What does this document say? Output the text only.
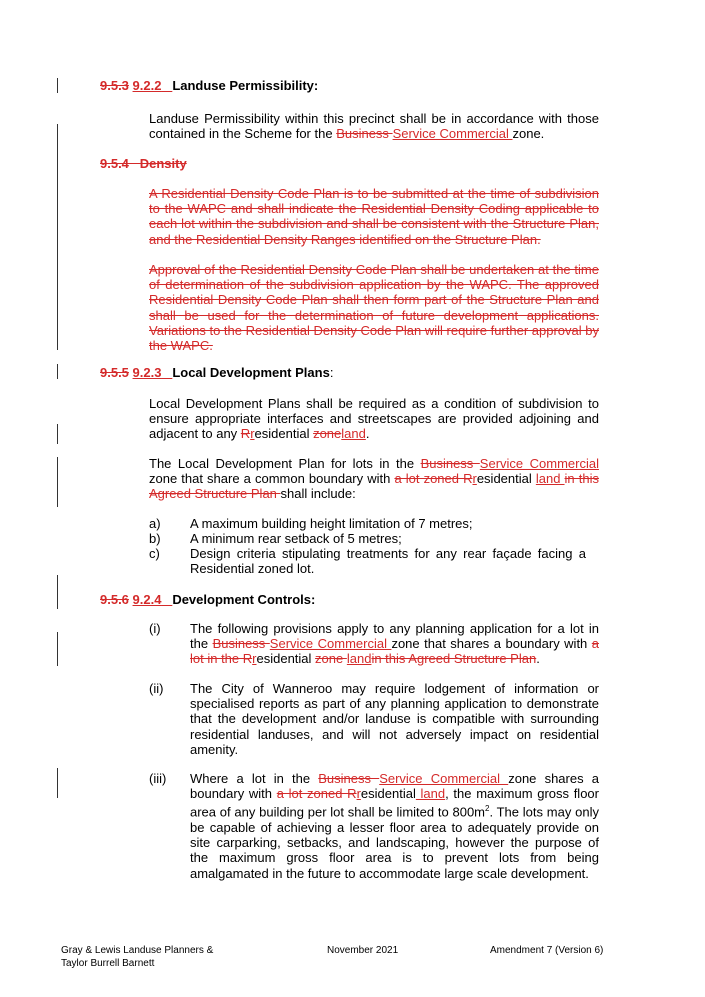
9.5.3 9.2.2 Landuse Permissibility:
Landuse Permissibility within this precinct shall be in accordance with those contained in the Scheme for the Business Service Commercial zone.
9.5.4   Density
A Residential Density Code Plan is to be submitted at the time of subdivision to the WAPC and shall indicate the Residential Density Coding applicable to each lot within the subdivision and shall be consistent with the Structure Plan, and the Residential Density Ranges identified on the Structure Plan.
Approval of the Residential Density Code Plan shall be undertaken at the time of determination of the subdivision application by the WAPC. The approved Residential Density Code Plan shall then form part of the Structure Plan and shall be used for the determination of future development applications. Variations to the Residential Density Code Plan will require further approval by the WAPC.
9.5.5 9.2.3 Local Development Plans:
Local Development Plans shall be required as a condition of subdivision to ensure appropriate interfaces and streetscapes are provided adjoining and adjacent to any Rresidential zoneland.
The Local Development Plan for lots in the Business Service Commercial zone that share a common boundary with a lot zoned Rresidential land in this Agreed Structure Plan shall include:
a) A maximum building height limitation of 7 metres;
b) A minimum rear setback of 5 metres;
c) Design criteria stipulating treatments for any rear façade facing a Residential zoned lot.
9.5.6 9.2.4 Development Controls:
(i) The following provisions apply to any planning application for a lot in the Business Service Commercial zone that shares a boundary with a lot in the Rresidential zone landin this Agreed Structure Plan.
(ii) The City of Wanneroo may require lodgement of information or specialised reports as part of any planning application to demonstrate that the development and/or landuse is compatible with surrounding residential landuses, and will not adversely impact on residential amenity.
(iii) Where a lot in the Business Service Commercial zone shares a boundary with a lot zoned Rresidential land, the maximum gross floor area of any building per lot shall be limited to $800m^2$. The lots may only be capable of achieving a lesser floor area to adequately provide on site carparking, setbacks, and landscaping, however the purpose of the maximum gross floor area is to prevent lots from being amalgamated in the future to accommodate large scale development.
Gray & Lewis Landuse Planners &
Taylor Burrell Barnett
November 2021	Amendment 7 (Version 6)
